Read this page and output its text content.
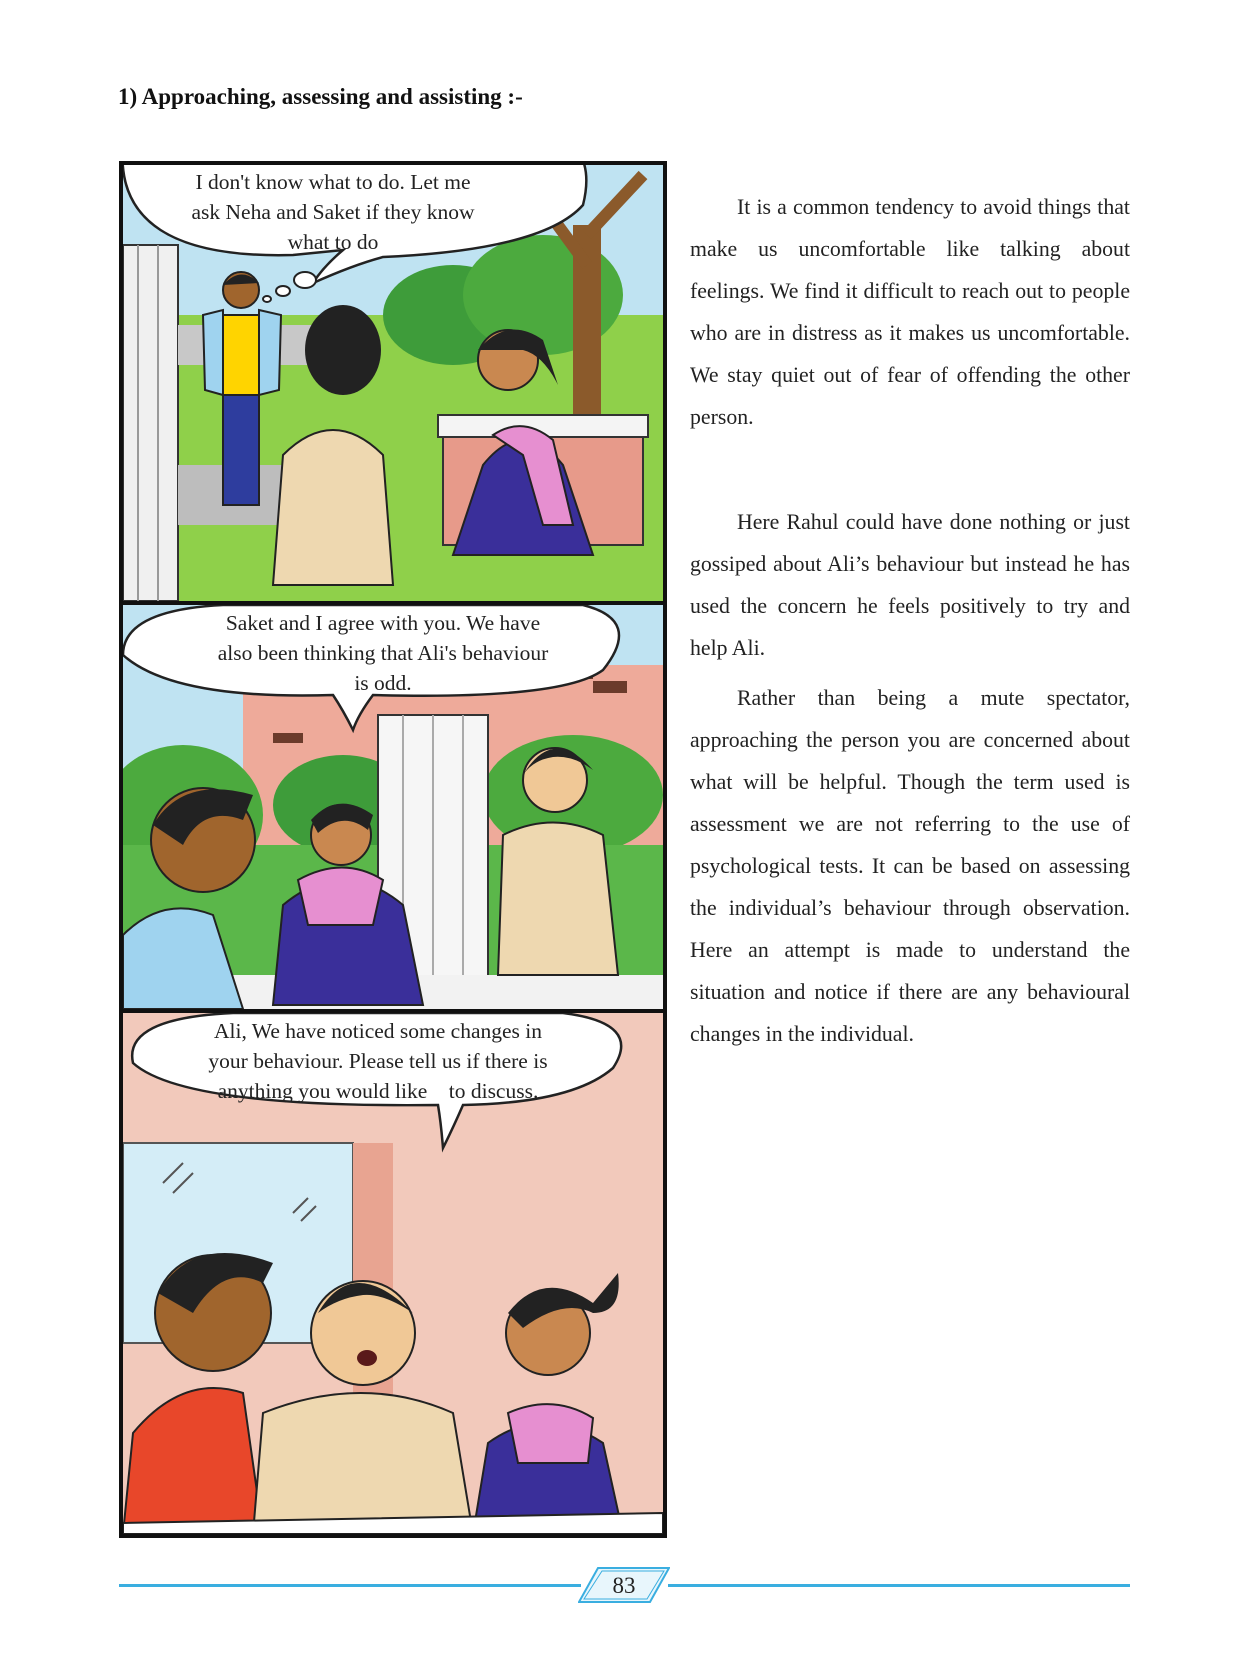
1) Approaching, assessing and assisting :-
I don't know what to do. Let me
ask Neha and Saket if they know
what to do
Saket and I agree with you. We have
also been thinking that Ali's behaviour
is odd.
Ali, We have noticed some changes in
your behaviour. Please tell us if there is
anything you would like    to discuss.

It is a common tendency to avoid things that make us uncomfortable like talking about feelings. We find it difficult to reach out to people who are in distress as it makes us uncomfortable. We stay quiet out of fear of offending the other person.

Here Rahul could have done nothing or just gossiped about Ali’s behaviour but instead he has used the concern he feels positively to try and help Ali.

Rather than being a mute spectator, approaching the person you are concerned about what will be helpful. Though the term used is assessment we are not referring to the use of psychological tests. It can be based on assessing the individual’s behaviour through observation. Here an attempt is made to understand the situation and notice if there are any behavioural changes in the individual.

83
